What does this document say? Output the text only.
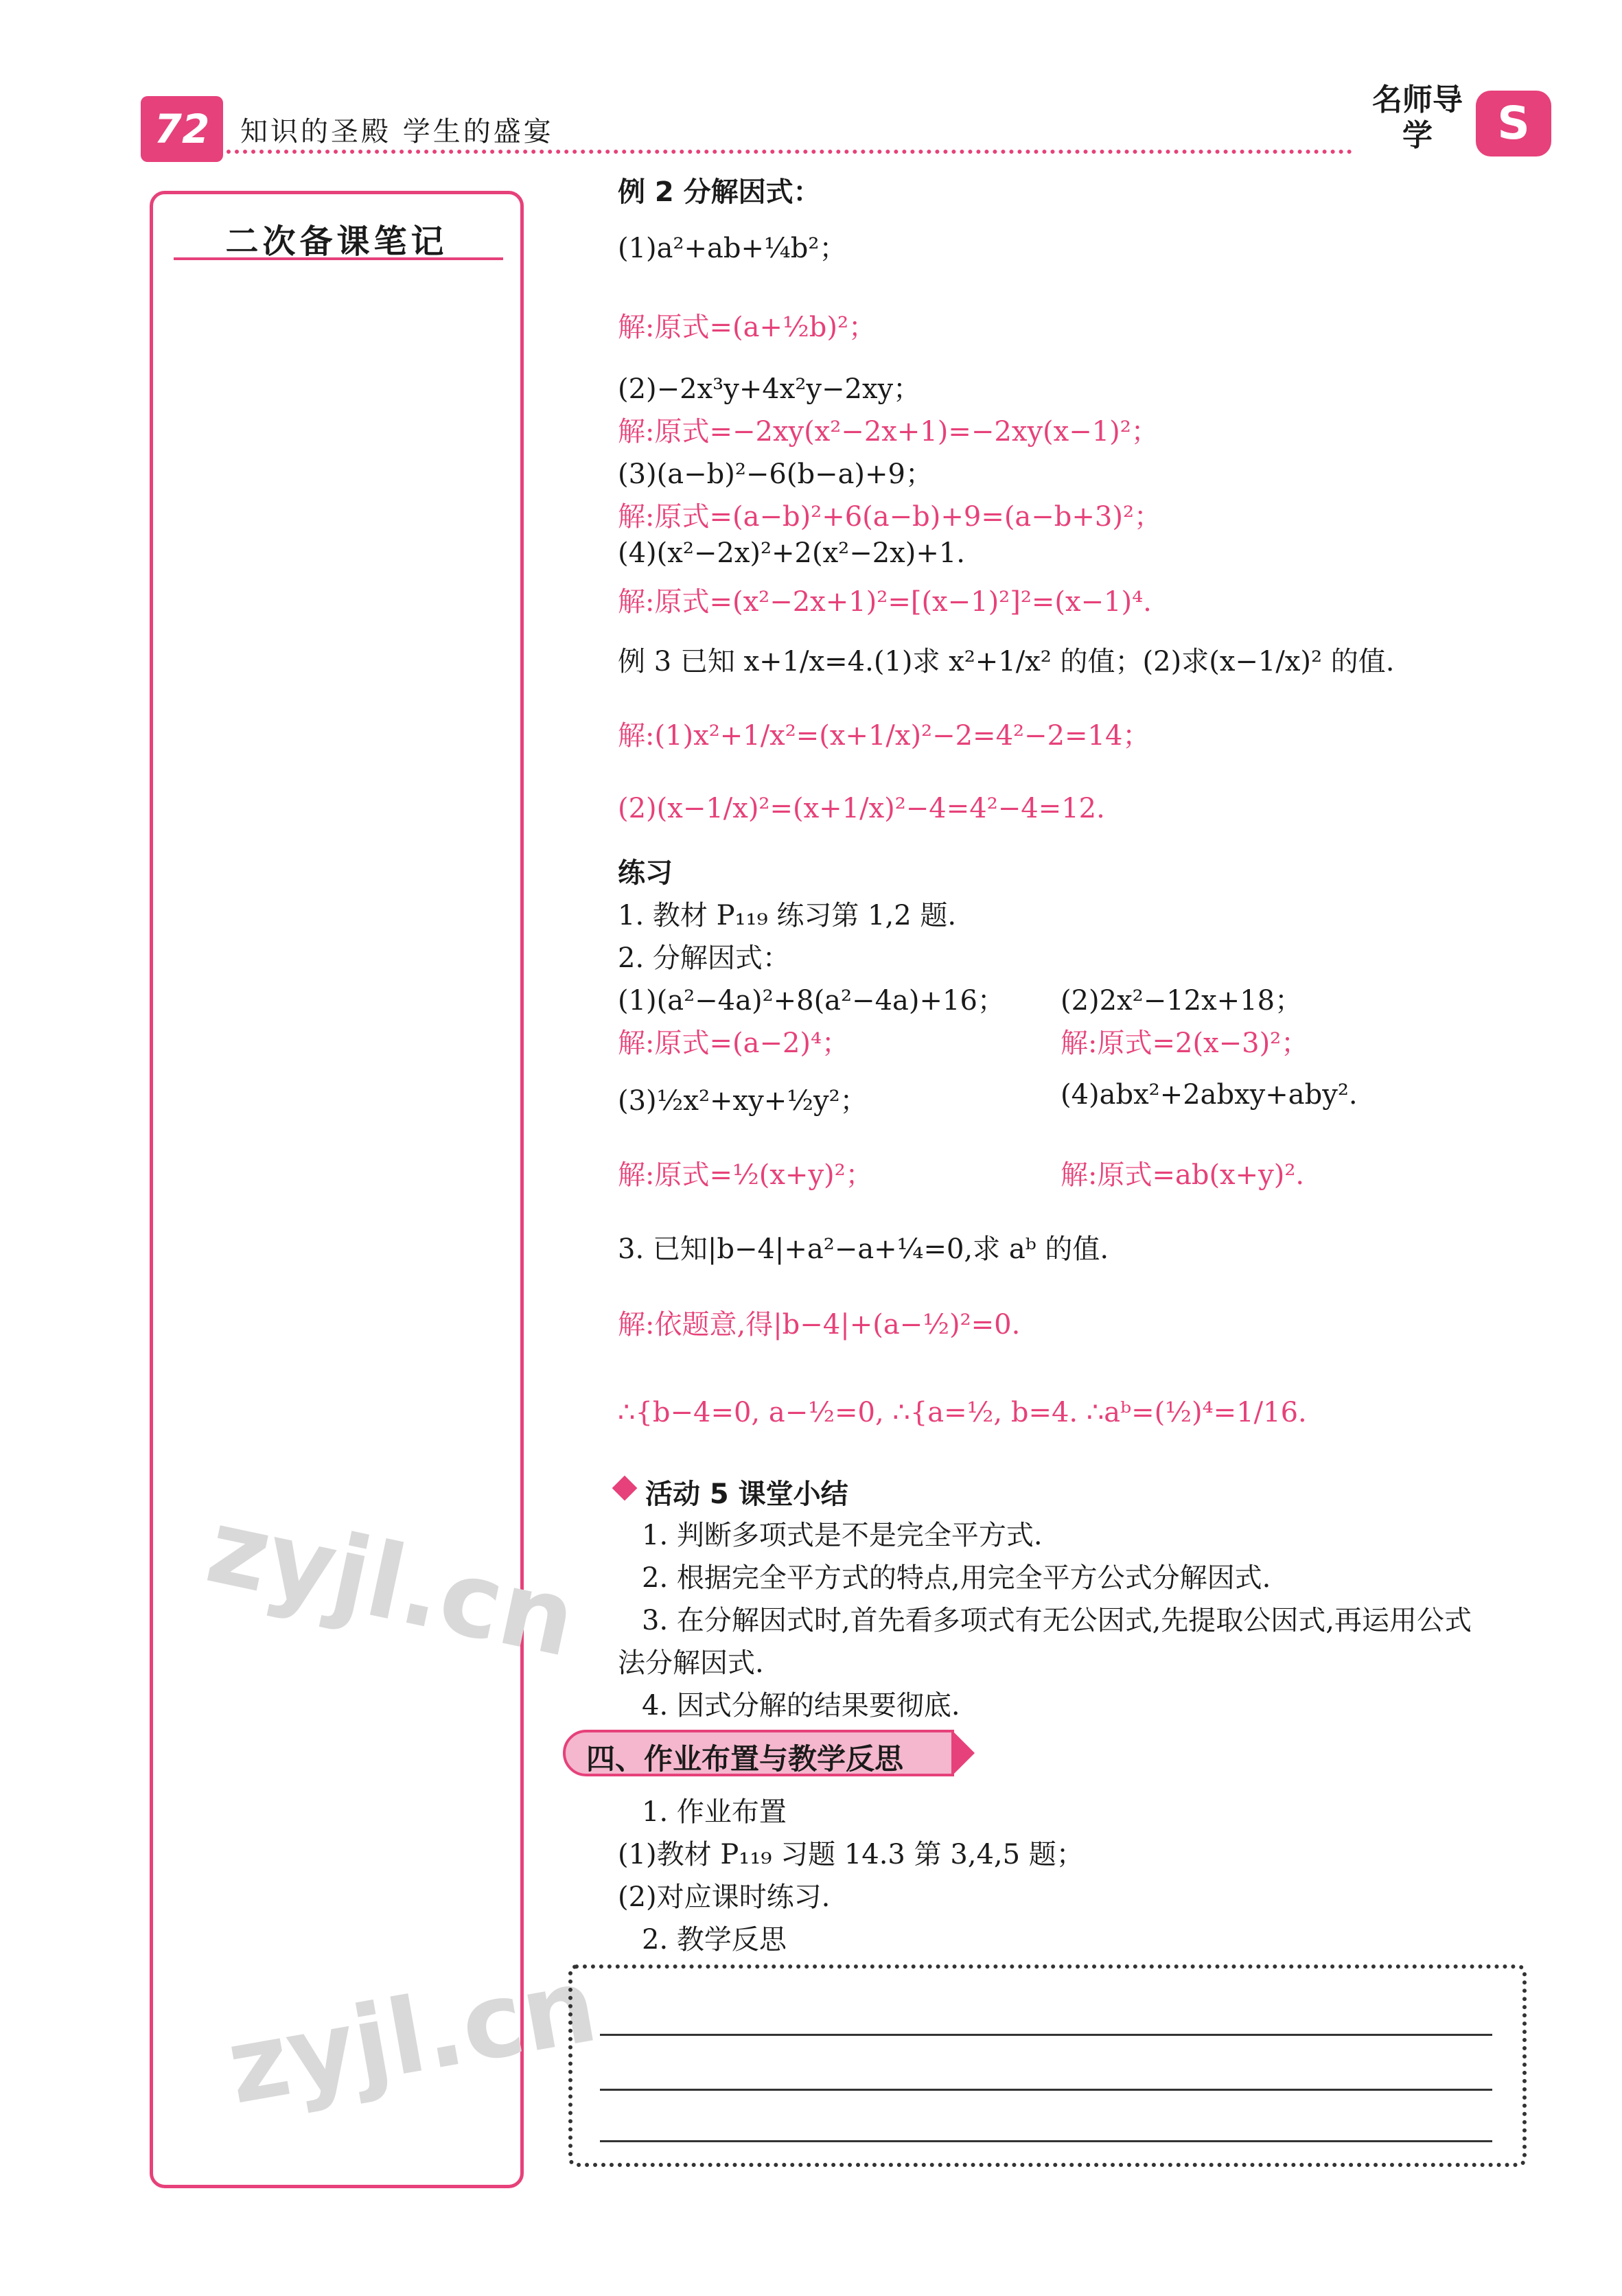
72	知识的圣殿 学生的盛宴
名师导学	S
二次备课笔记
zyjl.cn
zyjl.cn
例 2 分解因式：
(1)a²+ab+¼b²；
解:原式=(a+½b)²；
(2)−2x³y+4x²y−2xy；
解:原式=−2xy(x²−2x+1)=−2xy(x−1)²；
(3)(a−b)²−6(b−a)+9；
解:原式=(a−b)²+6(a−b)+9=(a−b+3)²；
(4)(x²−2x)²+2(x²−2x)+1.
解:原式=(x²−2x+1)²=[(x−1)²]²=(x−1)⁴.
例 3 已知 x+1/x=4.(1)求 x²+1/x² 的值；(2)求(x−1/x)² 的值.
解:(1)x²+1/x²=(x+1/x)²−2=4²−2=14；
(2)(x−1/x)²=(x+1/x)²−4=4²−4=12.
练习
1. 教材 P₁₁₉ 练习第 1,2 题.
2. 分解因式：
(1)(a²−4a)²+8(a²−4a)+16； (2)2x²−12x+18；
解:原式=(a−2)⁴；	解:原式=2(x−3)²；
(3)½x²+xy+½y²；	(4)abx²+2abxy+aby².
解:原式=½(x+y)²；	解:原式=ab(x+y)².
3. 已知|b−4|+a²−a+¼=0,求 aᵇ 的值.
解:依题意,得|b−4|+(a−½)²=0.
∴{b−4=0, a−½=0, ∴{a=½, b=4. ∴aᵇ=(½)⁴=1/16.
活动 5 课堂小结
1. 判断多项式是不是完全平方式.
2. 根据完全平方式的特点,用完全平方公式分解因式.
3. 在分解因式时,首先看多项式有无公因式,先提取公因式,再运用公式
法分解因式.
4. 因式分解的结果要彻底.
四、作业布置与教学反思
1. 作业布置
(1)教材 P₁₁₉ 习题 14.3 第 3,4,5 题；
(2)对应课时练习.
2. 教学反思
